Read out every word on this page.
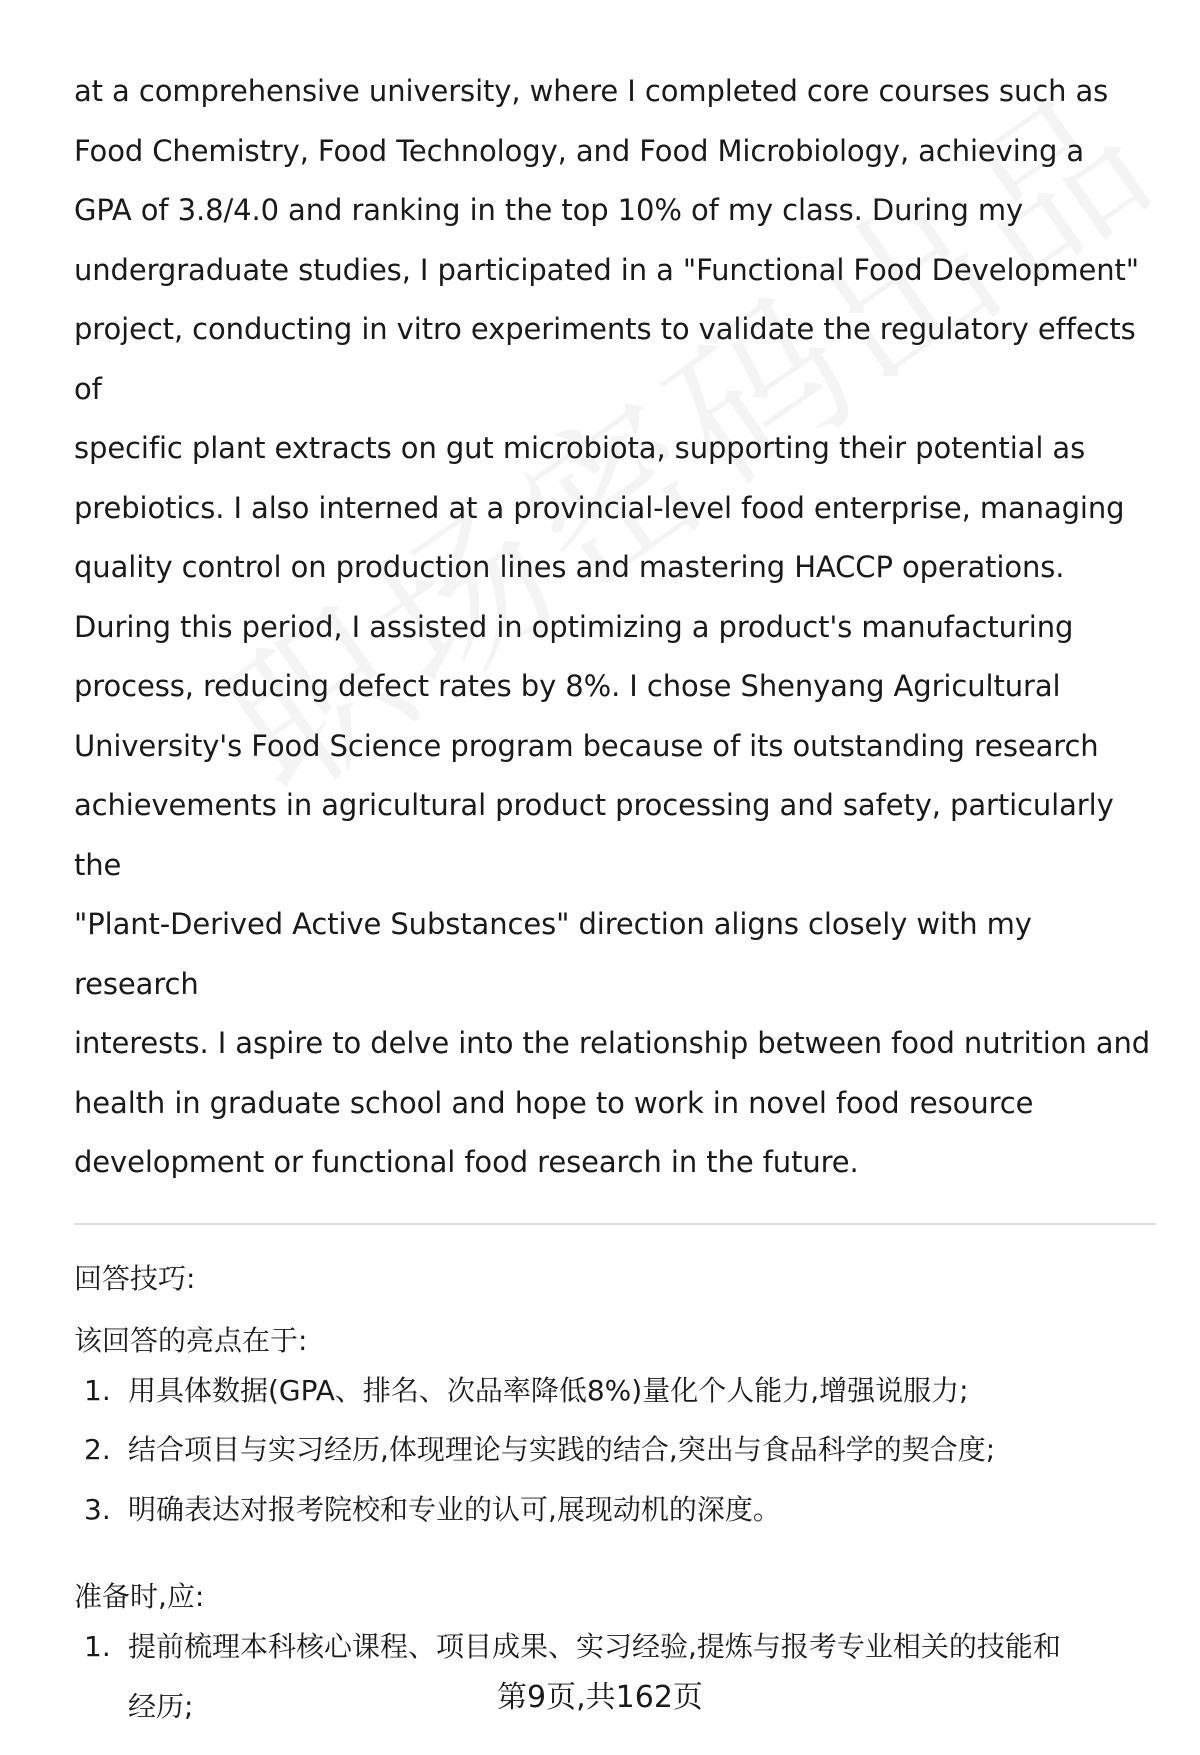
at a comprehensive university, where I completed core courses such as

Food Chemistry, Food Technology, and Food Microbiology, achieving a

GPA of 3.8/4.0 and ranking in the top 10% of my class. During my

undergraduate studies, I participated in a "Functional Food Development"

project, conducting in vitro experiments to validate the regulatory effects of

specific plant extracts on gut microbiota, supporting their potential as

prebiotics. I also interned at a provincial-level food enterprise, managing

quality control on production lines and mastering HACCP operations.

During this period, I assisted in optimizing a product's manufacturing

process, reducing defect rates by 8%. I chose Shenyang Agricultural

University's Food Science program because of its outstanding research

achievements in agricultural product processing and safety, particularly the

"Plant-Derived Active Substances" direction aligns closely with my research

interests. I aspire to delve into the relationship between food nutrition and

health in graduate school and hope to work in novel food resource

development or functional food research in the future.

回答技巧:

该回答的亮点在于:

1. 用具体数据(GPA、排名、次品率降低8%)量化个人能力,增强说服力;
2. 结合项目与实习经历,体现理论与实践的结合,突出与食品科学的契合度;
3. 明确表达对报考院校和专业的认可,展现动机的深度。

准备时,应:

1. 提前梳理本科核心课程、项目成果、实习经验,提炼与报考专业相关的技能和
经历;	第9页,共162页
